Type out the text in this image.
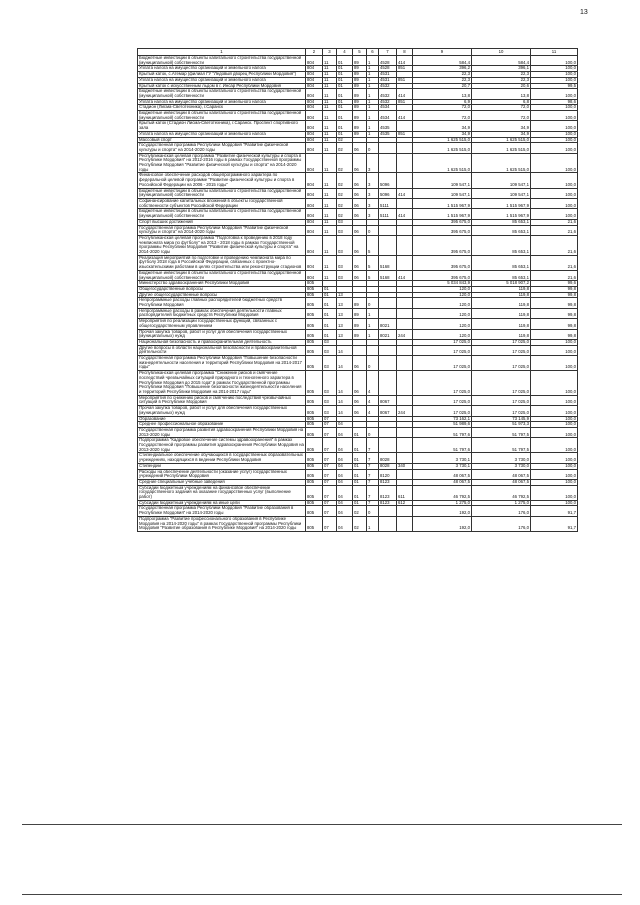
13
1	2	3	4	5	6	7	8	9	10	11
Бюджетные инвестиции в объекты капитального строительства государственной (муниципальной) собственности	804	11	01	89	1	4528	414	584,4	584,4	100,0
Уплата налога на имущество организаций и земельного налога	804	11	01	89	1	4528	851	396,2	396,1	100,0
Крытый каток, с.Атемар (филиал ГУ "Ледовый дворец Республики Мордовия")	804	11	01	89	1	4531		22,3	22,3	100,0
Уплата налога на имущество организаций и земельного налога	804	11	01	89	1	4531	851	22,3	22,3	100,0
Крытый каток с искусственным льдом в г. Инсар Республики Мордовия	804	11	01	89	1	4532		20,7	20,6	99,5
Бюджетные инвестиции в объекты капитального строительства государственной (муниципальной) собственности	804	11	01	89	1	4532	414	13,8	13,8	100,0
Уплата налога на имущество организаций и земельного налога	804	11	01	89	1	4532	851	6,9	6,8	98,6
Стадион (Лисма-Светотехника), г.Саранск	804	11	01	89	1	4534		72,0	72,0	100,0
Бюджетные инвестиции в объекты капитального строительства государственной (муниципальной) собственности	804	11	01	89	1	4534	414	72,0	72,0	100,0
Крытый каток (Стадион Лисма-Светотехника), г.Саранск. Проспект спортивного зала	804	11	01	89	1	4535		34,9	34,9	100,0
Уплата налога на имущество организаций и земельного налога	804	11	01	89	1	4535	851	34,9	34,9	100,0
Массовый спорт	804	11	02					1 625 515,0	1 625 515,0	100,0
Государственная программа Республики Мордовия "Развитие физической культуры и спорта" на 2014-2020 годы	804	11	02	06	0			1 625 515,0	1 625 515,0	100,0
Республиканская целевая программа "Развитие физической культуры и спорта в Республике Мордовия" на 2012-2016 годы в рамках Государственной программы Республики Мордовия "Развитие физической культуры и спорта" на 2014-2020 годы	804	11	02	06	3			1 625 515,0	1 625 515,0	100,0
Финансовое обеспечение расходов общепрограммного характера по федеральной целевой программе "Развитие физической культуры и спорта в Российской Федерации на 2006 - 2015 годы"	804	11	02	06	3	5096		109 547,1	109 547,1	100,0
Бюджетные инвестиции в объекты капитального строительства государственной (муниципальной) собственности	804	11	02	06	3	5096	414	109 547,1	109 547,1	100,0
Софинансирование капитальных вложений в объекты государственной собственности субъектов Российской Федерации	804	11	02	06	3	5111		1 515 967,9	1 515 967,9	100,0
Бюджетные инвестиции в объекты капитального строительства государственной (муниципальной) собственности	804	11	02	06	3	5111	414	1 515 967,9	1 515 967,9	100,0
Спорт высших достижений	804	11	03					395 675,0	85 653,1	21,6
Государственная программа Республики Мордовия "Развитие физической культуры и спорта" на 2014-2020 годы	804	11	03	06	0			395 675,0	85 653,1	21,6
Республиканская целевая программа "Подготовка к проведению в 2018 году чемпионата мира по футболу" на 2013 - 2018 годы в рамках Государственной программы Республики Мордовия "Развитие физической культуры и спорта" на 2014-2020 годы	804	11	03	06	5			395 675,0	85 653,1	21,6
Реализация мероприятий по подготовке и проведению чемпионата мира по футболу 2018 года в Российской Федерации, связанных с проектно-изыскательскими работами в целях строительства или реконструкции стадионов	804	11	03	06	5	5168		395 675,0	85 653,1	21,6
Бюджетные инвестиции в объекты капитального строительства государственной (муниципальной) собственности	804	11	03	06	5	5168	414	395 675,0	85 653,1	21,6
Министерство здравоохранения Республики Мордовия	805							5 034 843,9	5 018 907,2	99,6
Общегосударственные вопросы	805	01						120,0	119,8	99,8
Другие общегосударственные вопросы	805	01	13					120,0	119,8	99,8
Непрограммные расходы главных распорядителей бюджетных средств Республики Мордовия	805	01	13	89	0			120,0	119,8	99,8
Непрограммные расходы в рамках обеспечения деятельности главных распорядителей бюджетных средств Республики Мордовия	805	01	13	89	1			120,0	119,8	99,8
Мероприятия по реализации государственных функций, связанных с общегосударственным управлением	805	01	13	89	1	8021		120,0	119,8	99,8
Прочая закупка товаров, работ и услуг для обеспечения государственных (муниципальных) нужд	805	01	13	89	1	8021	244	120,0	119,8	99,8
Национальная безопасность и правоохранительная деятельность	805	03						17 025,0	17 025,0	100,0
Другие вопросы в области национальной безопасности и правоохранительной деятельности	805	03	14					17 025,0	17 025,0	100,0
Государственная программа Республики Мордовия "Повышение безопасности жизнедеятельности населения и территорий Республики Мордовия на 2014-2017 годы"	805	03	14	06	0			17 025,0	17 025,0	100,0
Республиканская целевая программа "Снижение рисков и смягчение последствий чрезвычайных ситуаций природного и техногенного характера в Республике Мордовия до 2015 года" в рамках Государственной программы Республики Мордовия "Повышение безопасности жизнедеятельности населения и территорий Республики Мордовия на 2014-2017 годы"	805	03	14	06	4			17 025,0	17 025,0	100,0
Мероприятия по снижению рисков и смягчению последствий чрезвычайных ситуаций в Республике Мордовия	805	03	14	06	4	8067		17 025,0	17 025,0	100,0
Прочая закупка товаров, работ и услуг для обеспечения государственных (муниципальных) нужд	805	03	14	06	4	8067	244	17 025,0	17 025,0	100,0
Образование	805	07						73 162,1	73 145,9	100,0
Среднее профессиональное образование	805	07	04					51 989,6	51 973,3	100,0
Государственная программа развития здравоохранения Республики Мордовия на 2013-2020 годы	805	07	04	01	0			51 797,6	51 797,5	100,0
Подпрограмма "Кадровое обеспечение системы здравоохранения" в рамках Государственной программы развития здравоохранения Республики Мордовия на 2013-2020 годы	805	07	04	01	7			51 797,6	51 797,5	100,0
Стипендиальное обеспечение обучающихся в государственных образовательных учреждениях, находящихся в ведении Республики Мордовия	805	07	04	01	7	8028		3 730,1	3 730,0	100,0
Стипендии	805	07	04	01	7	8028	340	3 730,1	3 730,0	100,0
Расходы на обеспечение деятельности (оказание услуг) государственных учреждений Республики Мордовия	805	07	04	01	7	8120		48 067,5	48 067,5	100,0
Средние специальные учебные заведения	805	07	04	01	7	8123		48 067,5	48 067,5	100,0
Субсидии бюджетным учреждениям на финансовое обеспечение государственного задания на оказание государственных услуг (выполнение работ)	805	07	04	01	7	8123	611	46 792,5	46 792,5	100,0
Субсидии бюджетным учреждениям на иные цели	805	07	04	01	7	8123	612	1 275,0	1 275,0	100,0
Государственная программа Республики Мордовия "Развитие образования в Республике Мордовия" на 2014-2020 годы	805	07	04	02	0			192,0	176,0	91,7
Подпрограмма "Развитие профессионального образования в Республике Мордовия на 2014-2020 годы" в рамках Государственной программы Республики Мордовия "Развитие образования в Республике Мордовия" на 2014-2020 годы	805	07	04	02	1			192,0	176,0	91,7
